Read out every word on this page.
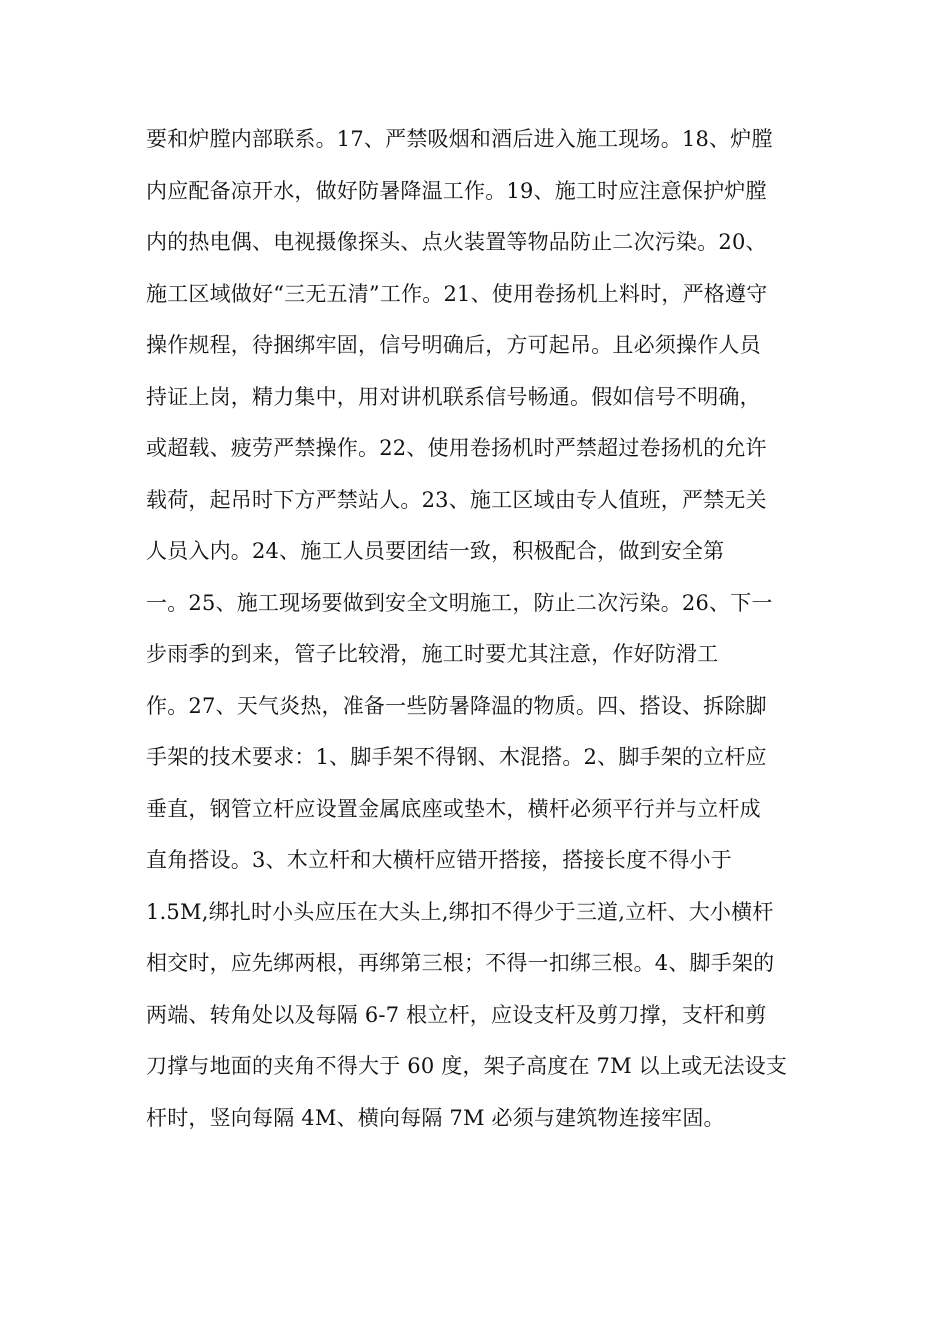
要和炉膛内部联系。17、严禁吸烟和酒后进入施工现场。18、炉膛
内应配备凉开水，做好防暑降温工作。19、施工时应注意保护炉膛
内的热电偶、电视摄像探头、点火装置等物品防止二次污染。20、
施工区域做好“三无五清”工作。21、使用卷扬机上料时，严格遵守
操作规程，待捆绑牢固，信号明确后，方可起吊。且必须操作人员
持证上岗，精力集中，用对讲机联系信号畅通。假如信号不明确，
或超载、疲劳严禁操作。22、使用卷扬机时严禁超过卷扬机的允许
载荷，起吊时下方严禁站人。23、施工区域由专人值班，严禁无关
人员入内。24、施工人员要团结一致，积极配合，做到安全第
一。25、施工现场要做到安全文明施工，防止二次污染。26、下一
步雨季的到来，管子比较滑，施工时要尤其注意，作好防滑工
作。27、天气炎热，准备一些防暑降温的物质。四、搭设、拆除脚
手架的技术要求：1、脚手架不得钢、木混搭。2、脚手架的立杆应
垂直，钢管立杆应设置金属底座或垫木，横杆必须平行并与立杆成
直角搭设。3、木立杆和大横杆应错开搭接，搭接长度不得小于
1.5M,绑扎时小头应压在大头上,绑扣不得少于三道,立杆、大小横杆
相交时，应先绑两根，再绑第三根；不得一扣绑三根。4、脚手架的
两端、转角处以及每隔 6-7 根立杆，应设支杆及剪刀撑，支杆和剪
刀撑与地面的夹角不得大于 60 度，架子高度在 7M 以上或无法设支
杆时，竖向每隔 4M、横向每隔 7M 必须与建筑物连接牢固。
